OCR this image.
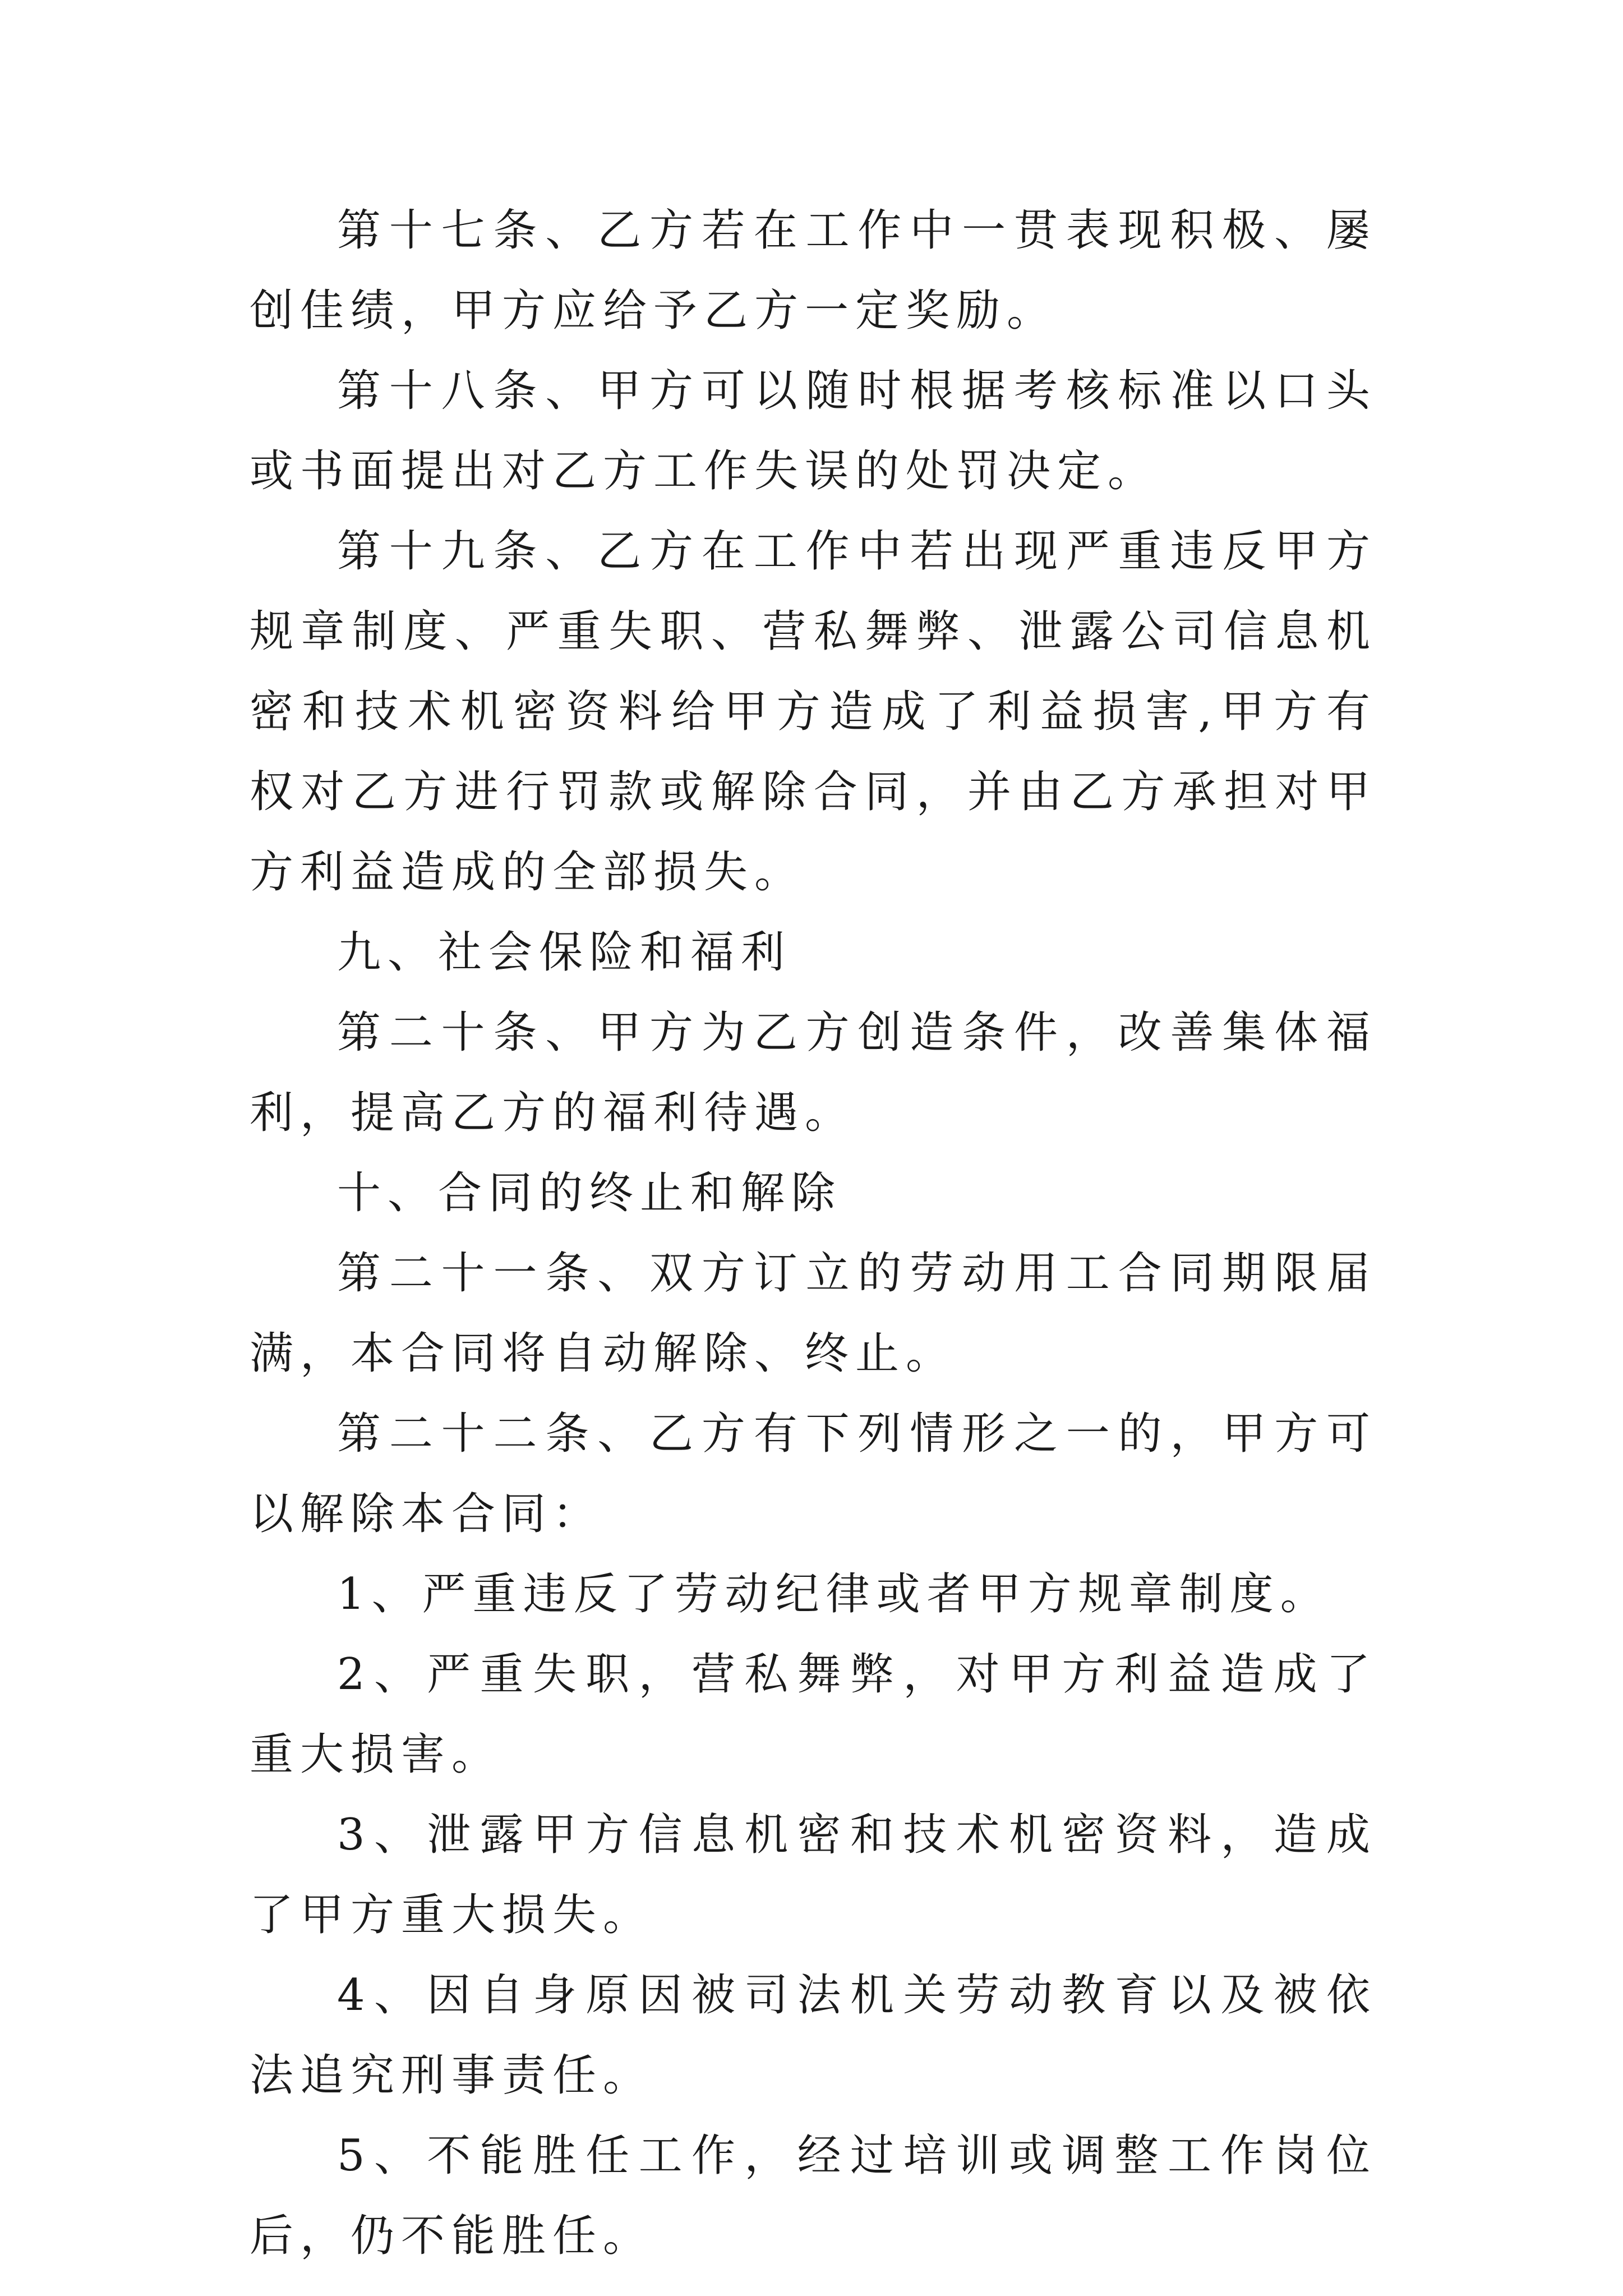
第十七条、乙方若在工作中一贯表现积极、屡创佳绩，甲方应给予乙方一定奖励。

第十八条、甲方可以随时根据考核标准以口头或书面提出对乙方工作失误的处罚决定。

第十九条、乙方在工作中若出现严重违反甲方规章制度、严重失职、营私舞弊、泄露公司信息机密和技术机密资料给甲方造成了利益损害,甲方有权对乙方进行罚款或解除合同，并由乙方承担对甲方利益造成的全部损失。

九、社会保险和福利

第二十条、甲方为乙方创造条件，改善集体福利，提高乙方的福利待遇。

十、合同的终止和解除

第二十一条、双方订立的劳动用工合同期限届满，本合同将自动解除、终止。

第二十二条、乙方有下列情形之一的，甲方可以解除本合同：

1、严重违反了劳动纪律或者甲方规章制度。

2、严重失职，营私舞弊，对甲方利益造成了重大损害。

3、泄露甲方信息机密和技术机密资料，造成了甲方重大损失。

4、因自身原因被司法机关劳动教育以及被依法追究刑事责任。

5、不能胜任工作，经过培训或调整工作岗位后，仍不能胜任。
